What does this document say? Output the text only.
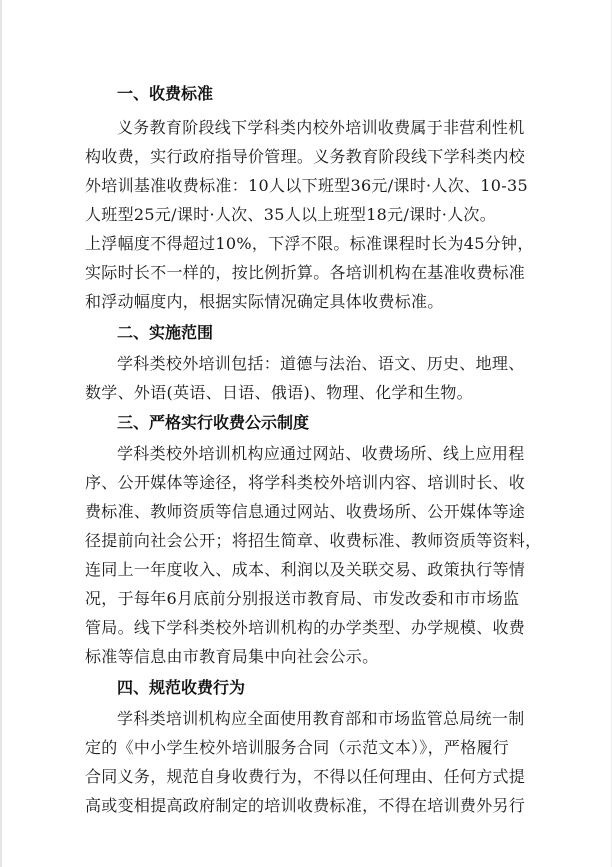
一、收费标准
义务教育阶段线下学科类内校外培训收费属于非营利性机
构收费，实行政府指导价管理。义务教育阶段线下学科类内校
外培训基准收费标准：10人以下班型36元/课时·人次、10-35
人班型25元/课时·人次、35人以上班型18元/课时·人次。
上浮幅度不得超过10%，下浮不限。标准课程时长为45分钟，
实际时长不一样的，按比例折算。各培训机构在基准收费标准
和浮动幅度内，根据实际情况确定具体收费标准。
二、实施范围
学科类校外培训包括：道德与法治、语文、历史、地理、
数学、外语(英语、日语、俄语)、物理、化学和生物。
三、严格实行收费公示制度
学科类校外培训机构应通过网站、收费场所、线上应用程
序、公开媒体等途径，将学科类校外培训内容、培训时长、收
费标准、教师资质等信息通过网站、收费场所、公开媒体等途
径提前向社会公开；将招生简章、收费标准、教师资质等资料，
连同上一年度收入、成本、利润以及关联交易、政策执行等情
况，于每年6月底前分别报送市教育局、市发改委和市市场监
管局。线下学科类校外培训机构的办学类型、办学规模、收费
标准等信息由市教育局集中向社会公示。
四、规范收费行为
学科类培训机构应全面使用教育部和市场监管总局统一制
定的《中小学生校外培训服务合同（示范文本）》，严格履行
合同义务，规范自身收费行为，不得以任何理由、任何方式提
高或变相提高政府制定的培训收费标准，不得在培训费外另行
